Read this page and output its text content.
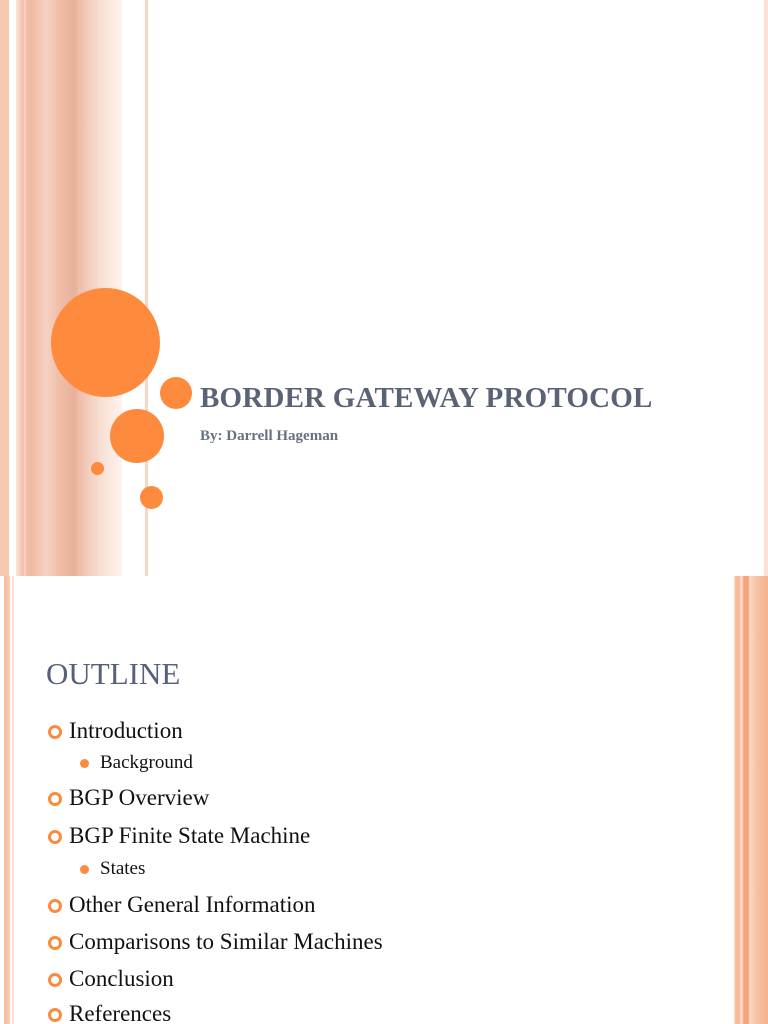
BORDER GATEWAY PROTOCOL

By: Darrell Hageman

OUTLINE
Introduction
Background
BGP Overview
BGP Finite State Machine
States
Other General Information
Comparisons to Similar Machines
Conclusion
References
